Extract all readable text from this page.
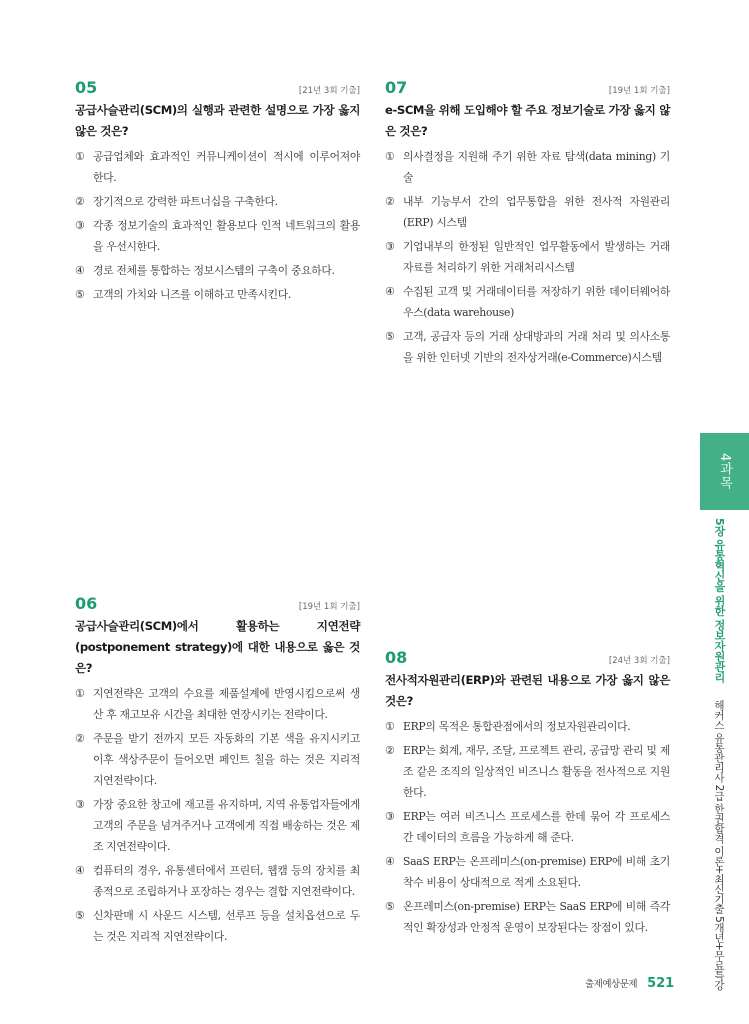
05	[21년 3회 기출]
공급사슬관리(SCM)의 실행과 관련한 설명으로 가장 옳지 않은 것은?
① 공급업체와 효과적인 커뮤니케이션이 적시에 이루어져야 한다.
② 장기적으로 강력한 파트너십을 구축한다.
③ 각종 정보기술의 효과적인 활용보다 인적 네트워크의 활용을 우선시한다.
④ 경로 전체를 통합하는 정보시스템의 구축이 중요하다.
⑤ 고객의 가치와 니즈를 이해하고 만족시킨다.
06	[19년 1회 기출]
공급사슬관리(SCM)에서 활용하는 지연전략(postponement strategy)에 대한 내용으로 옳은 것은?
① 지연전략은 고객의 수요를 제품설계에 반영시킴으로써 생산 후 재고보유 시간을 최대한 연장시키는 전략이다.
② 주문을 받기 전까지 모든 자동화의 기본 색을 유지시키고 이후 색상주문이 들어오면 페인트 칠을 하는 것은 지리적 지연전략이다.
③ 가장 중요한 창고에 재고를 유지하며, 지역 유통업자들에게 고객의 주문을 넘겨주거나 고객에게 직접 배송하는 것은 제조 지연전략이다.
④ 컴퓨터의 경우, 유통센터에서 프린터, 웹캠 등의 장치를 최종적으로 조립하거나 포장하는 경우는 결합 지연전략이다.
⑤ 신차판매 시 사운드 시스템, 선루프 등을 설치옵션으로 두는 것은 지리적 지연전략이다.
07	[19년 1회 기출]
e-SCM을 위해 도입해야 할 주요 정보기술로 가장 옳지 않은 것은?
① 의사결정을 지원해 주기 위한 자료 탐색(data mining) 기술
② 내부 기능부서 간의 업무통합을 위한 전사적 자원관리(ERP) 시스템
③ 기업내부의 한정된 일반적인 업무활동에서 발생하는 거래자료를 처리하기 위한 거래처리시스템
④ 수집된 고객 및 거래데이터를 저장하기 위한 데이터웨어하우스(data warehouse)
⑤ 고객, 공급자 등의 거래 상대방과의 거래 처리 및 의사소통을 위한 인터넷 기반의 전자상거래(e-Commerce)시스템
08	[24년 3회 기출]
전사적자원관리(ERP)와 관련된 내용으로 가장 옳지 않은 것은?
① ERP의 목적은 통합관점에서의 정보자원관리이다.
② ERP는 회계, 재무, 조달, 프로젝트 관리, 공급망 관리 및 제조 같은 조직의 일상적인 비즈니스 활동을 전사적으로 지원한다.
③ ERP는 여러 비즈니스 프로세스를 한데 묶어 각 프로세스 간 데이터의 흐름을 가능하게 해 준다.
④ SaaS ERP는 온프레미스(on-premise) ERP에 비해 초기 착수 비용이 상대적으로 적게 소요된다.
⑤ 온프레미스(on-premise) ERP는 SaaS ERP에 비해 즉각적인 확장성과 안정적 운영이 보장된다는 장점이 있다.
4과목
5장 유통혁신을 위한 정보자원관리
해커스 유통관리사 2급 한권합격 이론+최신기출 5개년+무료특강
출제예상문제 521
